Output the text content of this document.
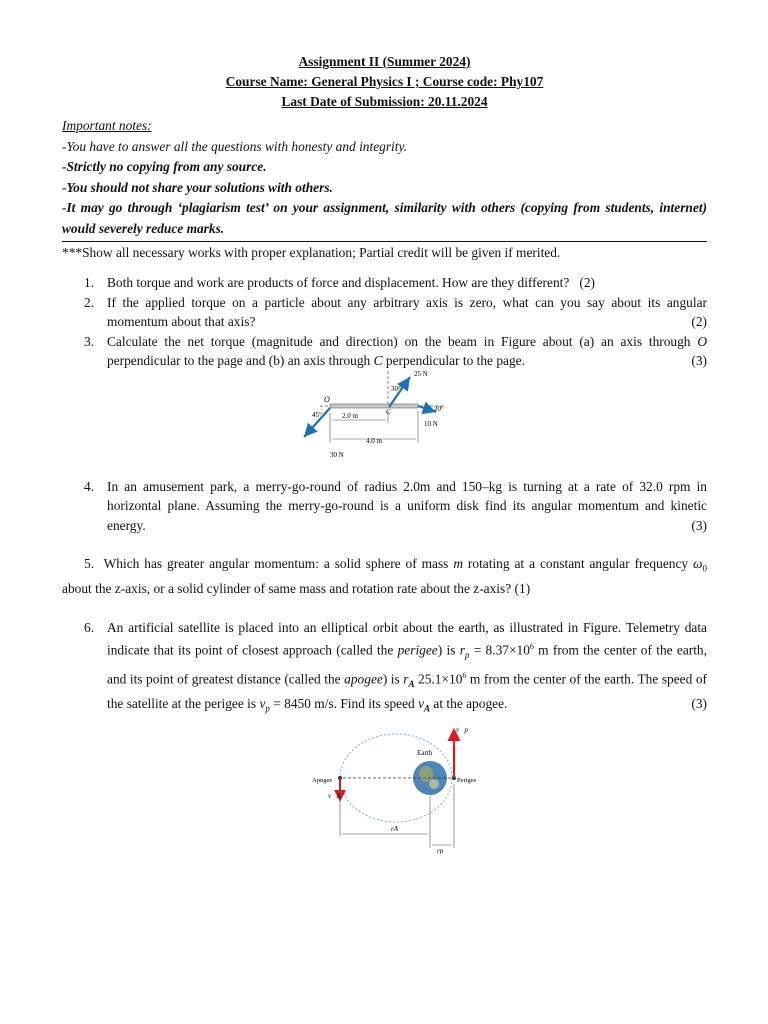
Assignment II (Summer 2024)
Course Name: General Physics I ; Course code: Phy107
Last Date of Submission: 20.11.2024
Important notes:
-You have to answer all the questions with honesty and integrity.
-Strictly no copying from any source.
-You should not share your solutions with others.
-It may go through ‘plagiarism test’ on your assignment, similarity with others (copying from students, internet) would severely reduce marks.
***Show all necessary works with proper explanation; Partial credit will be given if merited.
1. Both torque and work are products of force and displacement. How are they different? (2)
2. If the applied torque on a particle about any arbitrary axis is zero, what can you say about its angular momentum about that axis?	(2)
3. Calculate the net torque (magnitude and direction) on the beam in Figure about (a) an axis through O perpendicular to the page and (b) an axis through C perpendicular to the page.	(3)
O
C
25 N
30°
45°
20°
10 N
30 N
2.0 m
4.0 m
4. In an amusement park, a merry-go-round of radius 2.0m and 150–kg is turning at a rate of 32.0 rpm in horizontal plane. Assuming the merry-go-round is a uniform disk find its angular momentum and kinetic energy.	(3)
5. Which has greater angular momentum: a solid sphere of mass m rotating at a constant angular frequency $\omega_0$ about the z-axis, or a solid cylinder of same mass and rotation rate about the z-axis? (1)
6. An artificial satellite is placed into an elliptical orbit about the earth, as illustrated in Figure. Telemetry data indicate that its point of closest approach (called the perigee) is $r_p = 8.37\times 10^6$ m from the center of the earth, and its point of greatest distance (called the apogee) is $r_A$ $25.1\times 10^6$ m from the center of the earth. The speed of the satellite at the perigee is $v_p = 8450$ m/s. Find its speed $v_A$ at the apogee.	(3)
Earth
Apogee	Perigee
v⃗p
v⃗A
rA
rp
